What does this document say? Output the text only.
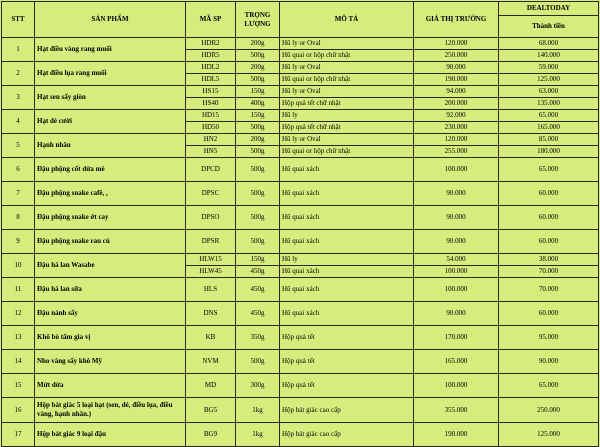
STT	SẢN PHẨM	MÃ SP	TRỌNG LƯỢNG	MÔ TẢ	GIÁ THỊ TRƯỜNG	DEALTODAY
						Thành tiền
1	Hạt điều vàng rang muối	HDR2	200g	Hũ ly or Oval	120.000	68.000
		HDR5	500g	Hũ quai or hộp chữ nhật	250.000	140.000
2	Hạt điều lụa rang muối	HDL2	200g	Hũ ly or Oval	90.000	59.000
		HDL5	500g	Hũ quai or hộp chữ nhật	190.000	125.000
3	Hạt sen sấy giòn	HS15	150g	Hũ ly or Oval	94.000	63.000
		HS40	400g	Hộp quà tết chữ nhật	200.000	135.000
4	Hạt dẻ cười	HD15	150g	Hũ ly	92.000	65.000
		HD50	500g	Hộp quà tết chữ nhật	230.000	165.000
5	Hạnh nhân	HN2	200g	Hũ ly or Oval	120.000	85.000
		HN5	500g	Hũ quai or hộp chữ nhật	255.000	180.000
6	Đậu phộng cốt dừa mè	DPCD	500g	Hũ quai xách	100.000	65.000
7	Đậu phộng snake cafê, ,	DPSC	500g	Hũ quai xách	90.000	60.000
8	Đậu phộng snake ớt cay	DPSO	500g	Hũ quai xách	90.000	60.000
9	Đậu phộng snake rau củ	DPSR	500g	Hũ quai xách	90.000	60.000
10	Đậu hà lan Wasabe	HLW15	150g	Hũ ly	54.000	38.000
		HLW45	450g	Hũ quai xách	100.000	70.000
11	Đậu hà lan sữa	HLS	450g	Hũ quai xách	100.000	70.000
12	Đậu nành sấy	DNS	450g	Hũ quai xách	90.000	60.000
13	Khô bò tẩm gia vị	KB	350g	Hộp quà tết	170.000	95.000
14	Nho vàng sấy khô Mỹ	NVM	500g	Hộp quà tết	165.000	90.000
15	Mứt dừa	MD	300g	Hộp quà tết	100.000	65.000
16	Hộp bát giác 5 loại hạt (sen, dẻ, điều lụa, điều vàng, hạnh nhân.)	BG5	1kg	Hộp bát giác cao cấp	355.000	250.000
17	Hộp bát giác 9 loại đậu	BG9	1kg	Hộp bát giác cao cấp	190.000	125.000
